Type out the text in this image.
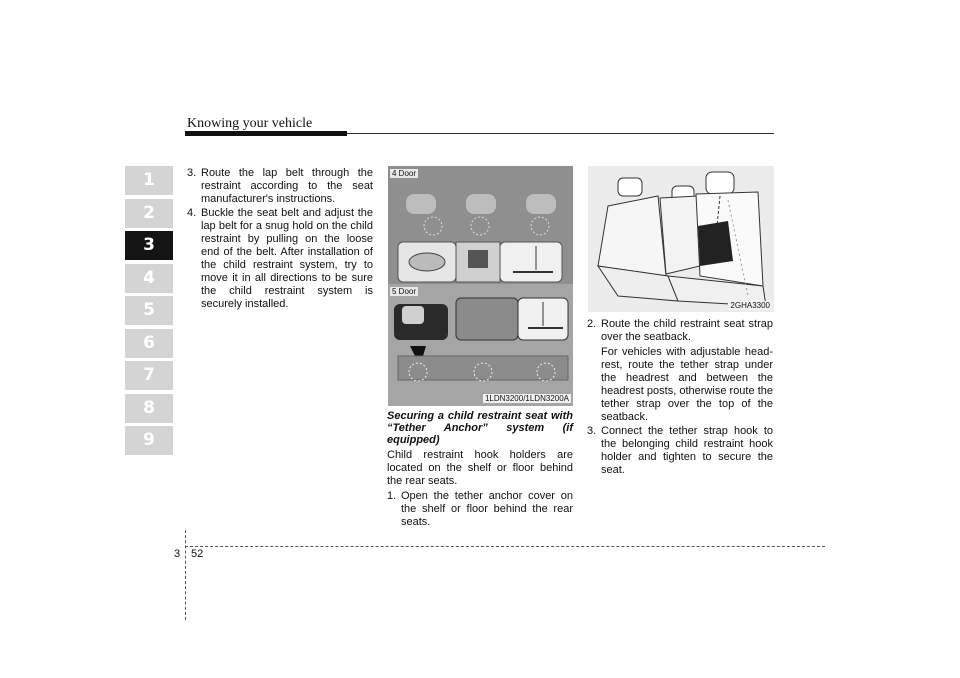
Knowing your vehicle
1
2
3
4
5
6
7
8
9
3. Route the lap belt through the restraint according to the seat manufacturer's instructions.
4. Buckle the seat belt and adjust the lap belt for a snug hold on the child restraint by pulling on the loose end of the belt. After installation of the child restraint system, try to move it in all directions to be sure the child restraint system is securely installed.
4 Door
5 Door
1LDN3200/1LDN3200A
Securing a child restraint seat with “Tether Anchor” system (if equipped)

Child restraint hook holders are located on the shelf or floor behind the rear seats.

1. Open the tether anchor cover on the shelf or floor behind the rear seats.
2GHA3300
2. Route the child restraint seat strap over the seatback.
For vehicles with adjustable head-rest, route the tether strap under the headrest and between the headrest posts, otherwise route the tether strap over the top of the seatback.
3. Connect the tether strap hook to the belonging child restraint hook holder and tighten to secure the seat.
3 52
